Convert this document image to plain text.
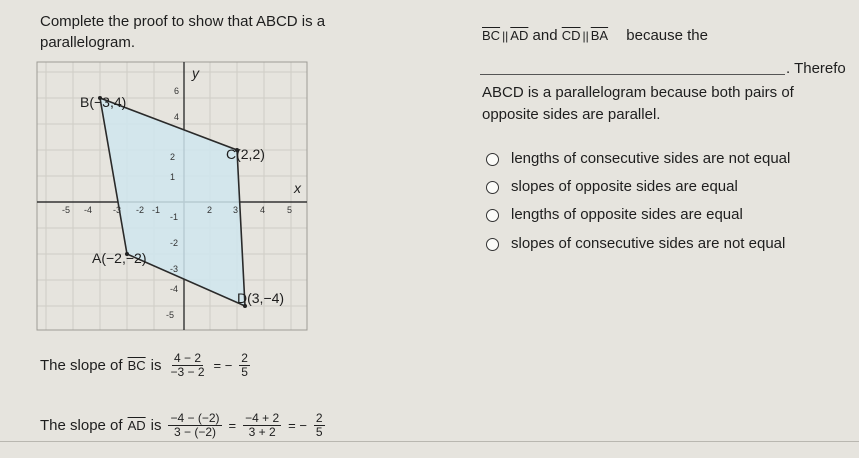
Complete the proof to show that ABCD is a
parallelogram.	$\overline{BC}$ || $\overline{AD}$ and $\overline{CD}$ || $\overline{BA}$ because the
. Therefo
ABCD is a parallelogram because both pairs of
opposite sides are parallel.
lengths of consecutive sides are not equal
slopes of opposite sides are equal
lengths of opposite sides are equal
slopes of consecutive sides are not equal
6
4
2
1
-1
-2
-3
-4
-5
-5 -4 -3 -2 -1	2 3 4 5
y
x
B(−3,4)
C(2,2)
A(−2,−2)
D(3,−4)
The slope of $\overline{BC}$ is $\frac{4 - 2}{-3 - 2}$ = − $\frac{2}{5}$
The slope of $\overline{AD}$ is $\frac{-4 - (-2)}{3 - (-2)} = \frac{-4 + 2}{3 + 2}$ = − $\frac{2}{5}$
